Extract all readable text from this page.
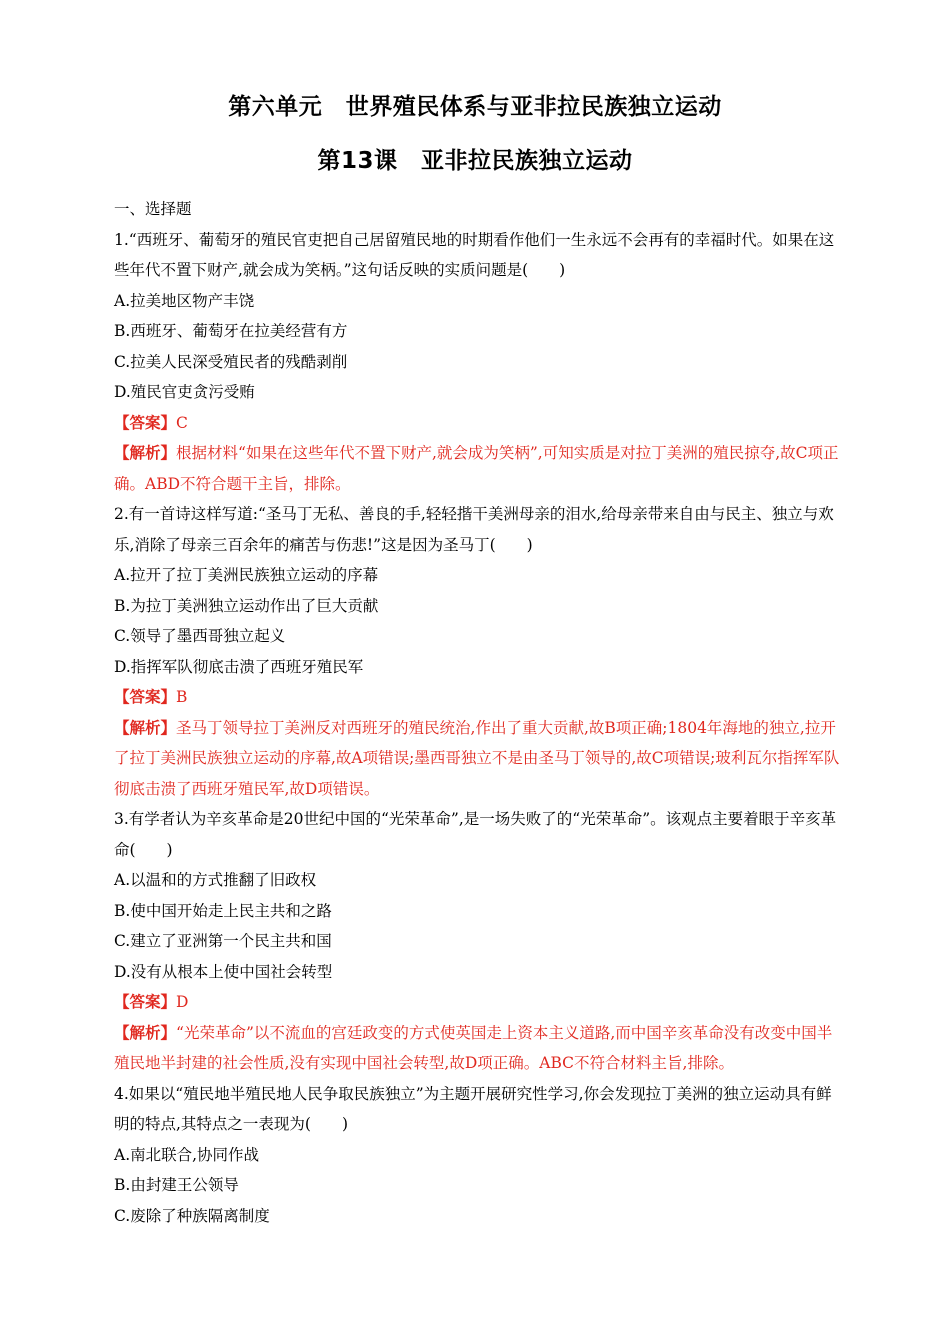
第六单元　世界殖民体系与亚非拉民族独立运动
第13课　亚非拉民族独立运动

一、选择题

1.“西班牙、葡萄牙的殖民官吏把自己居留殖民地的时期看作他们一生永远不会再有的幸福时代。如果在这些年代不置下财产,就会成为笑柄。”这句话反映的实质问题是(　　)

A.拉美地区物产丰饶

B.西班牙、葡萄牙在拉美经营有方

C.拉美人民深受殖民者的残酷剥削

D.殖民官吏贪污受贿

【答案】C

【解析】根据材料“如果在这些年代不置下财产,就会成为笑柄”,可知实质是对拉丁美洲的殖民掠夺,故C项正确。ABD不符合题干主旨，排除。

2.有一首诗这样写道:“圣马丁无私、善良的手,轻轻揩干美洲母亲的泪水,给母亲带来自由与民主、独立与欢乐,消除了母亲三百余年的痛苦与伤悲!”这是因为圣马丁(　　)

A.拉开了拉丁美洲民族独立运动的序幕

B.为拉丁美洲独立运动作出了巨大贡献

C.领导了墨西哥独立起义

D.指挥军队彻底击溃了西班牙殖民军

【答案】B

【解析】圣马丁领导拉丁美洲反对西班牙的殖民统治,作出了重大贡献,故B项正确;1804年海地的独立,拉开了拉丁美洲民族独立运动的序幕,故A项错误;墨西哥独立不是由圣马丁领导的,故C项错误;玻利瓦尔指挥军队彻底击溃了西班牙殖民军,故D项错误。

3.有学者认为辛亥革命是20世纪中国的“光荣革命”,是一场失败了的“光荣革命”。该观点主要着眼于辛亥革命(　　)

A.以温和的方式推翻了旧政权

B.使中国开始走上民主共和之路

C.建立了亚洲第一个民主共和国

D.没有从根本上使中国社会转型

【答案】D

【解析】“光荣革命”以不流血的宫廷政变的方式使英国走上资本主义道路,而中国辛亥革命没有改变中国半殖民地半封建的社会性质,没有实现中国社会转型,故D项正确。ABC不符合材料主旨,排除。

4.如果以“殖民地半殖民地人民争取民族独立”为主题开展研究性学习,你会发现拉丁美洲的独立运动具有鲜明的特点,其特点之一表现为(　　)

A.南北联合,协同作战

B.由封建王公领导

C.废除了种族隔离制度
